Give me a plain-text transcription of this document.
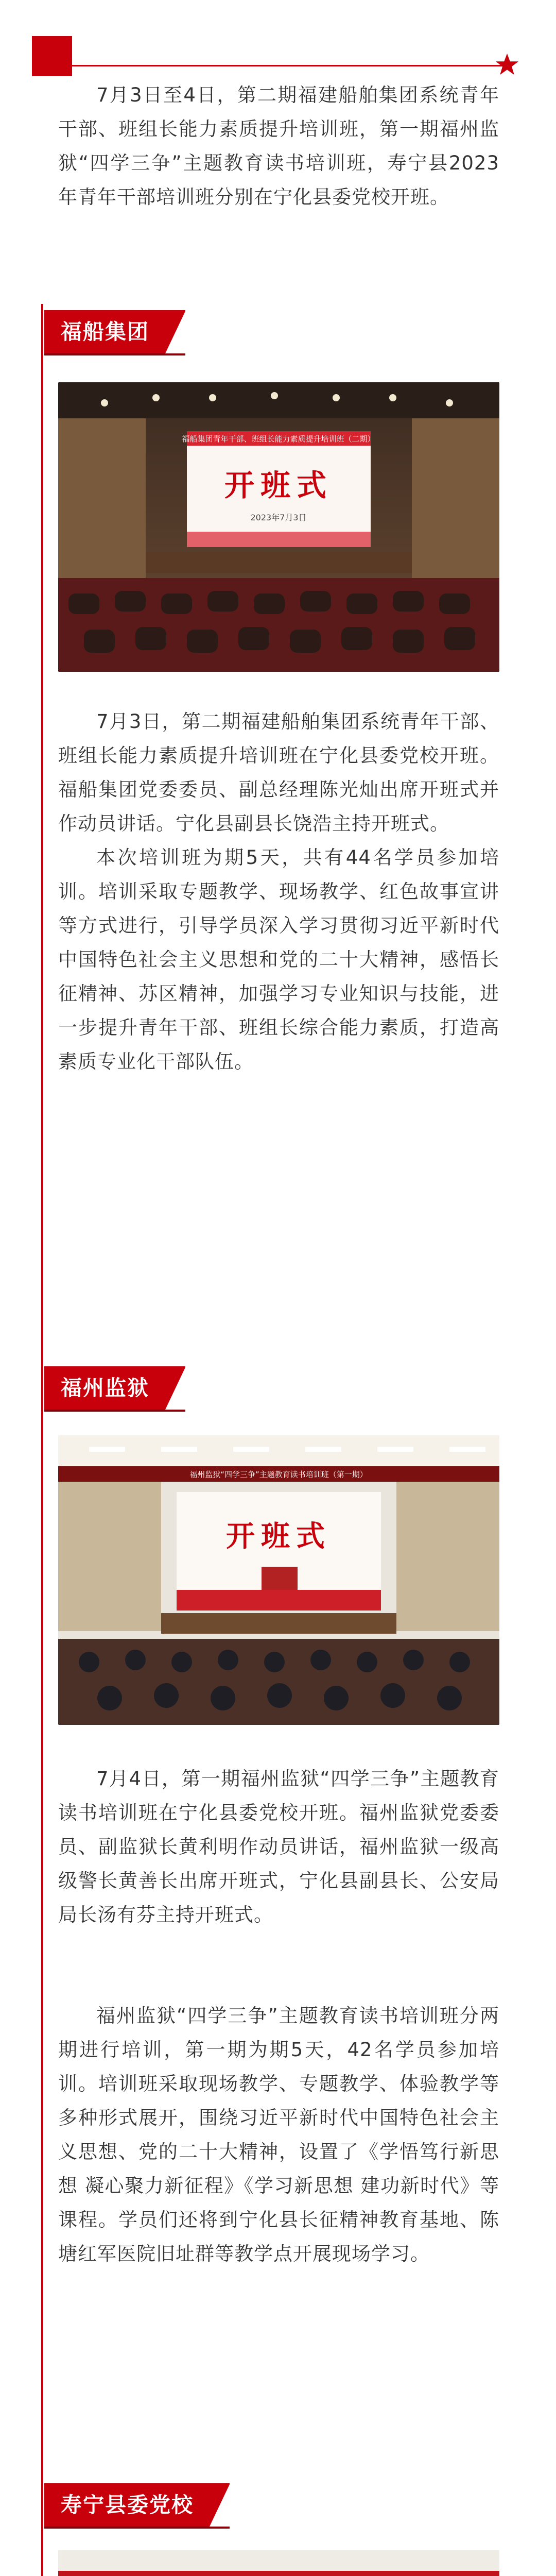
7月3日至4日，第二期福建船舶集团系统青年干部、班组长能力素质提升培训班，第一期福州监狱“四学三争”主题教育读书培训班，寿宁县2023年青年干部培训班分别在宁化县委党校开班。

福船集团
福船集团青年干部、班组长能力素质提升培训班（二期）
开班式
2023年7月3日

7月3日，第二期福建船舶集团系统青年干部、班组长能力素质提升培训班在宁化县委党校开班。福船集团党委委员、副总经理陈光灿出席开班式并作动员讲话。宁化县副县长饶浩主持开班式。

本次培训班为期5天，共有44名学员参加培训。培训采取专题教学、现场教学、红色故事宣讲等方式进行，引导学员深入学习贯彻习近平新时代中国特色社会主义思想和党的二十大精神，感悟长征精神、苏区精神，加强学习专业知识与技能，进一步提升青年干部、班组长综合能力素质，打造高素质专业化干部队伍。

福州监狱
福州监狱“四学三争”主题教育读书培训班（第一期）
开班式

7月4日，第一期福州监狱“四学三争”主题教育读书培训班在宁化县委党校开班。福州监狱党委委员、副监狱长黄利明作动员讲话，福州监狱一级高级警长黄善长出席开班式，宁化县副县长、公安局局长汤有芬主持开班式。

福州监狱“四学三争”主题教育读书培训班分两期进行培训，第一期为期5天，42名学员参加培训。培训班采取现场教学、专题教学、体验教学等多种形式展开，围绕习近平新时代中国特色社会主义思想、党的二十大精神，设置了《学悟笃行新思想 凝心聚力新征程》《学习新思想 建功新时代》等课程。学员们还将到宁化县长征精神教育基地、陈塘红军医院旧址群等教学点开展现场学习。

寿宁县委党校
